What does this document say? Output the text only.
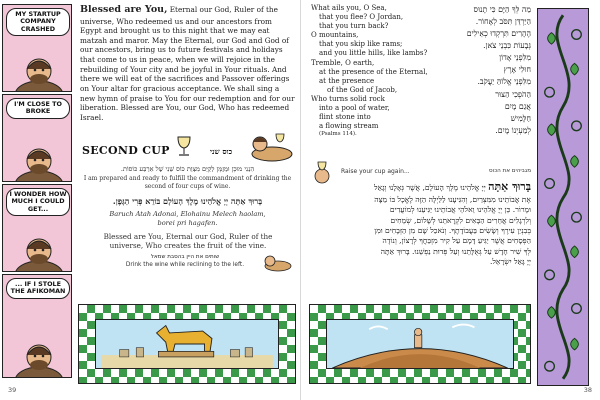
MY STARTUP COMPANY CRASHED
I'M CLOSE TO BROKE
I WONDER HOW MUCH I COULD GET...
... IF I STOLE THE AFIKOMAN

Blessed are You, Eternal our God, Ruler of the universe, Who redeemed us and our ancestors from Egypt and brought us to this night that we may eat matzah and maror. May the Eternal, our God and God of our ancestors, bring us to future festivals and holidays that come to us in peace, when we will rejoice in the rebuilding of Your city and be joyful in Your rituals. And there we will eat of the sacrifices and Passover offerings on Your altar for gracious acceptance. We shall sing a new hymn of praise to You for our redemption and for our liberation. Blessed are You, our God, Who has redeemed Israel.

SECOND CUP	כוס שני
הִנְנִי מוּכָן וּמְזֻמָּן לְקַיֵּם מִצְוַת כּוֹס שֵׁנִי שֶׁל אַרְבַּע כּוֹסוֹת.
I am prepared and ready to fulfill the commandment of drinking the second of four cups of wine.
בָּרוּךְ אַתָּה יְיָ אֱלֹהֵינוּ מֶלֶךְ הָעוֹלָם בּוֹרֵא פְּרִי הַגָּפֶן.
Baruch Atah Adonai, Elohainu Melech haolam, borei pri hagafen.
Blessed are You, Eternal our God, Ruler of the universe, Who creates the fruit of the vine.
שותים את היין בהסבת שמאל
Drink the wine while reclining to the left.
39
What ails you, O Sea,
that you flee? O Jordan,
that you turn back?
O mountains,
that you skip like rams;
and you little hills, like lambs?
Tremble, O earth,
at the presence of the Eternal,
at the presence
of the God of Jacob,
Who turns solid rock
into a pool of water,
flint stone into
a flowing stream
(Psalms 114).
מַה לְּךָ הַיָּם כִּי תָנוּס
הַיַּרְדֵּן תִּסֹּב לְאָחוֹר.
הֶהָרִים תִּרְקְדוּ כְאֵילִים
גְּבָעוֹת כִּבְנֵי צֹאן.
מִלִּפְנֵי אָדוֹן
חוּלִי אָרֶץ
מִלִּפְנֵי אֱלוֹהַּ יַעֲקֹב.
הַהֹפְכִי הַצּוּר
אֲגַם מָיִם
חַלָּמִישׁ
לְמַעְיְנוֹ מָיִם.
Raise your cup again...	מגביהים את הכוס
בָּרוּךְ אַתָּה יְיָ אֱלֹהֵינוּ מֶלֶךְ הָעוֹלָם, אֲשֶׁר גְּאָלָנוּ וְגָאַל
אֶת אֲבוֹתֵינוּ מִמִּצְרַיִם, וְהִגִּיעָנוּ לַלַּיְלָה הַזֶּה לֶאֱכָל בּוֹ מַצָּה
וּמָרוֹר. כֵּן יְיָ אֱלֹהֵינוּ וֵאלֹהֵי אֲבוֹתֵינוּ יַגִּיעֵנוּ לְמוֹעֲדִים
וְלִרְגָלִים אֲחֵרִים הַבָּאִים לִקְרָאתֵנוּ לְשָׁלוֹם, שְׂמֵחִים
בְּבִנְיַן עִירֶךָ וְשָׂשִׂים בַּעֲבוֹדָתֶךָ. וְנֹאכַל שָׁם מִן הַזְּבָחִים וּמִן
הַפְּסָחִים אֲשֶׁר יַגִּיעַ דָּמָם עַל קִיר מִזְבַּחֲךָ לְרָצוֹן, וְנוֹדֶה
לְּךָ שִׁיר חָדָשׁ עַל גְּאֻלָּתֵנוּ וְעַל פְּדוּת נַפְשֵׁנוּ. בָּרוּךְ אַתָּה
יְיָ גָּאַל יִשְׂרָאֵל.
38
